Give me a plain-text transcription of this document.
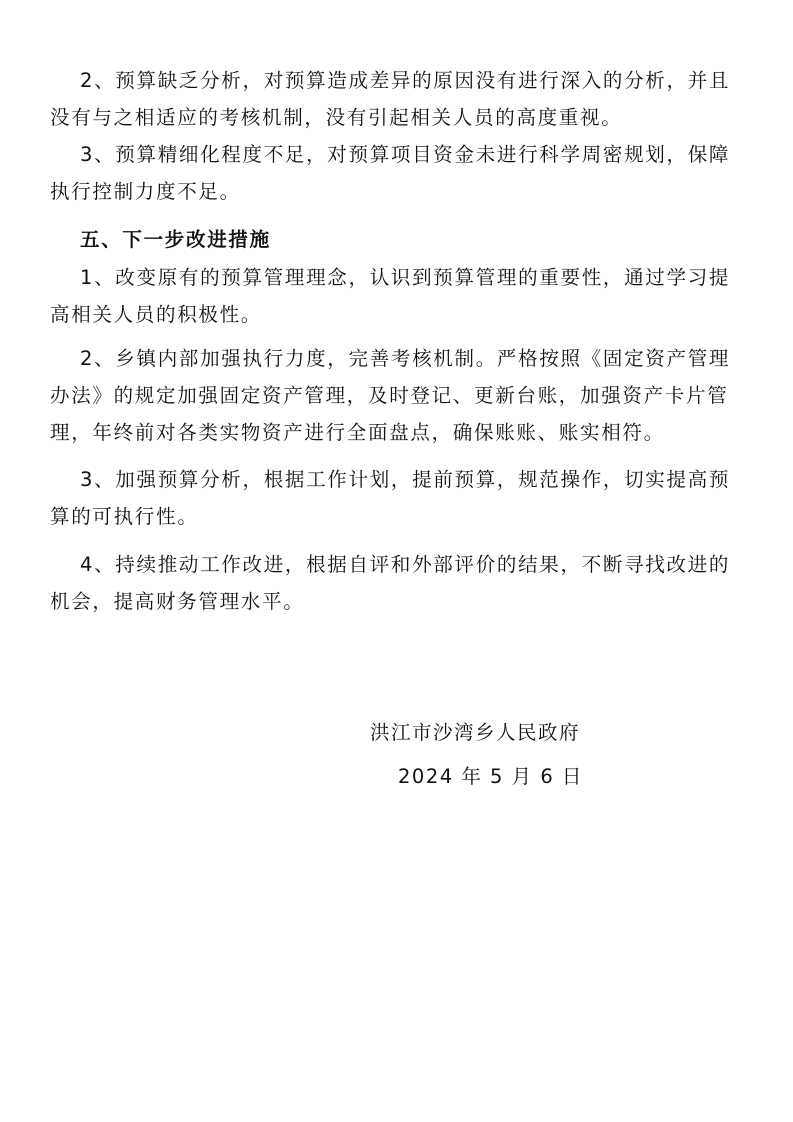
2、预算缺乏分析，对预算造成差异的原因没有进行深入的分析，并且
没有与之相适应的考核机制，没有引起相关人员的高度重视。
3、预算精细化程度不足，对预算项目资金未进行科学周密规划，保障
执行控制力度不足。
五、下一步改进措施
1、改变原有的预算管理理念，认识到预算管理的重要性，通过学习提
高相关人员的积极性。
2、乡镇内部加强执行力度，完善考核机制。严格按照《固定资产管理
办法》的规定加强固定资产管理，及时登记、更新台账，加强资产卡片管
理，年终前对各类实物资产进行全面盘点，确保账账、账实相符。
3、加强预算分析，根据工作计划，提前预算，规范操作，切实提高预
算的可执行性。
4、持续推动工作改进，根据自评和外部评价的结果，不断寻找改进的
机会，提高财务管理水平。
洪江市沙湾乡人民政府
2024 年 5 月 6 日
